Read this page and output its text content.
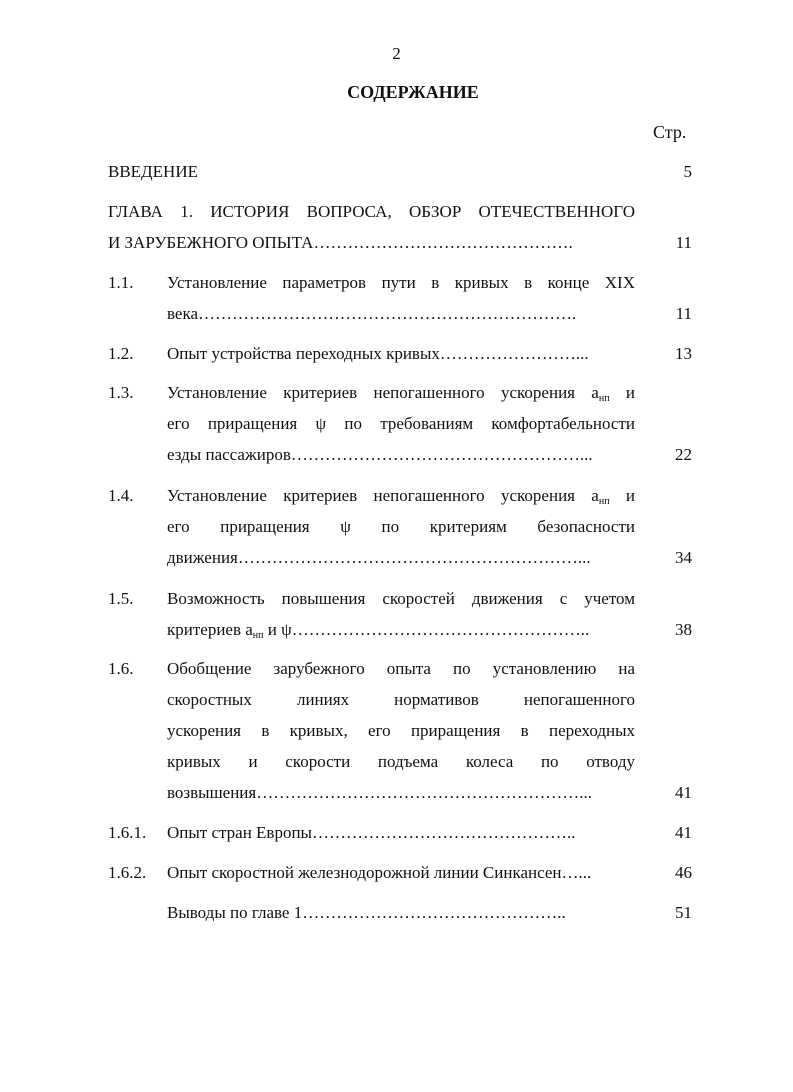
2
СОДЕРЖАНИЕ
Стр.
ВВЕДЕНИЕ	5
ГЛАВА 1. ИСТОРИЯ ВОПРОСА, ОБЗОР ОТЕЧЕСТВЕННОГО
И ЗАРУБЕЖНОГО ОПЫТА……………………………………….	11
1.1. Установление параметров пути в кривых в конце XIX
века………………………………………………………….	11
1.2. Опыт устройства переходных кривых……………………...	13
1.3. Установление критериев непогашенного ускорения $а_{нп}$ и
его приращения ψ по требованиям комфортабельности
езды пассажиров……………………………………………...	22
1.4. Установление критериев непогашенного ускорения $а_{нп}$ и
его приращения ψ по критериям безопасности
движения……………………………………………………...	34
1.5. Возможность повышения скоростей движения с учетом
критериев $а_{нп}$ и ψ……………………………………………..	38
1.6. Обобщение зарубежного опыта по установлению на
скоростных линиях нормативов непогашенного
ускорения в кривых, его приращения в переходных
кривых и скорости подъема колеса по отводу
возвышения…………………………………………………...	41
1.6.1. Опыт стран Европы………………………………………..	41
1.6.2. Опыт скоростной железнодорожной линии Синкансен…...	46
Выводы по главе 1………………………………………..	51
